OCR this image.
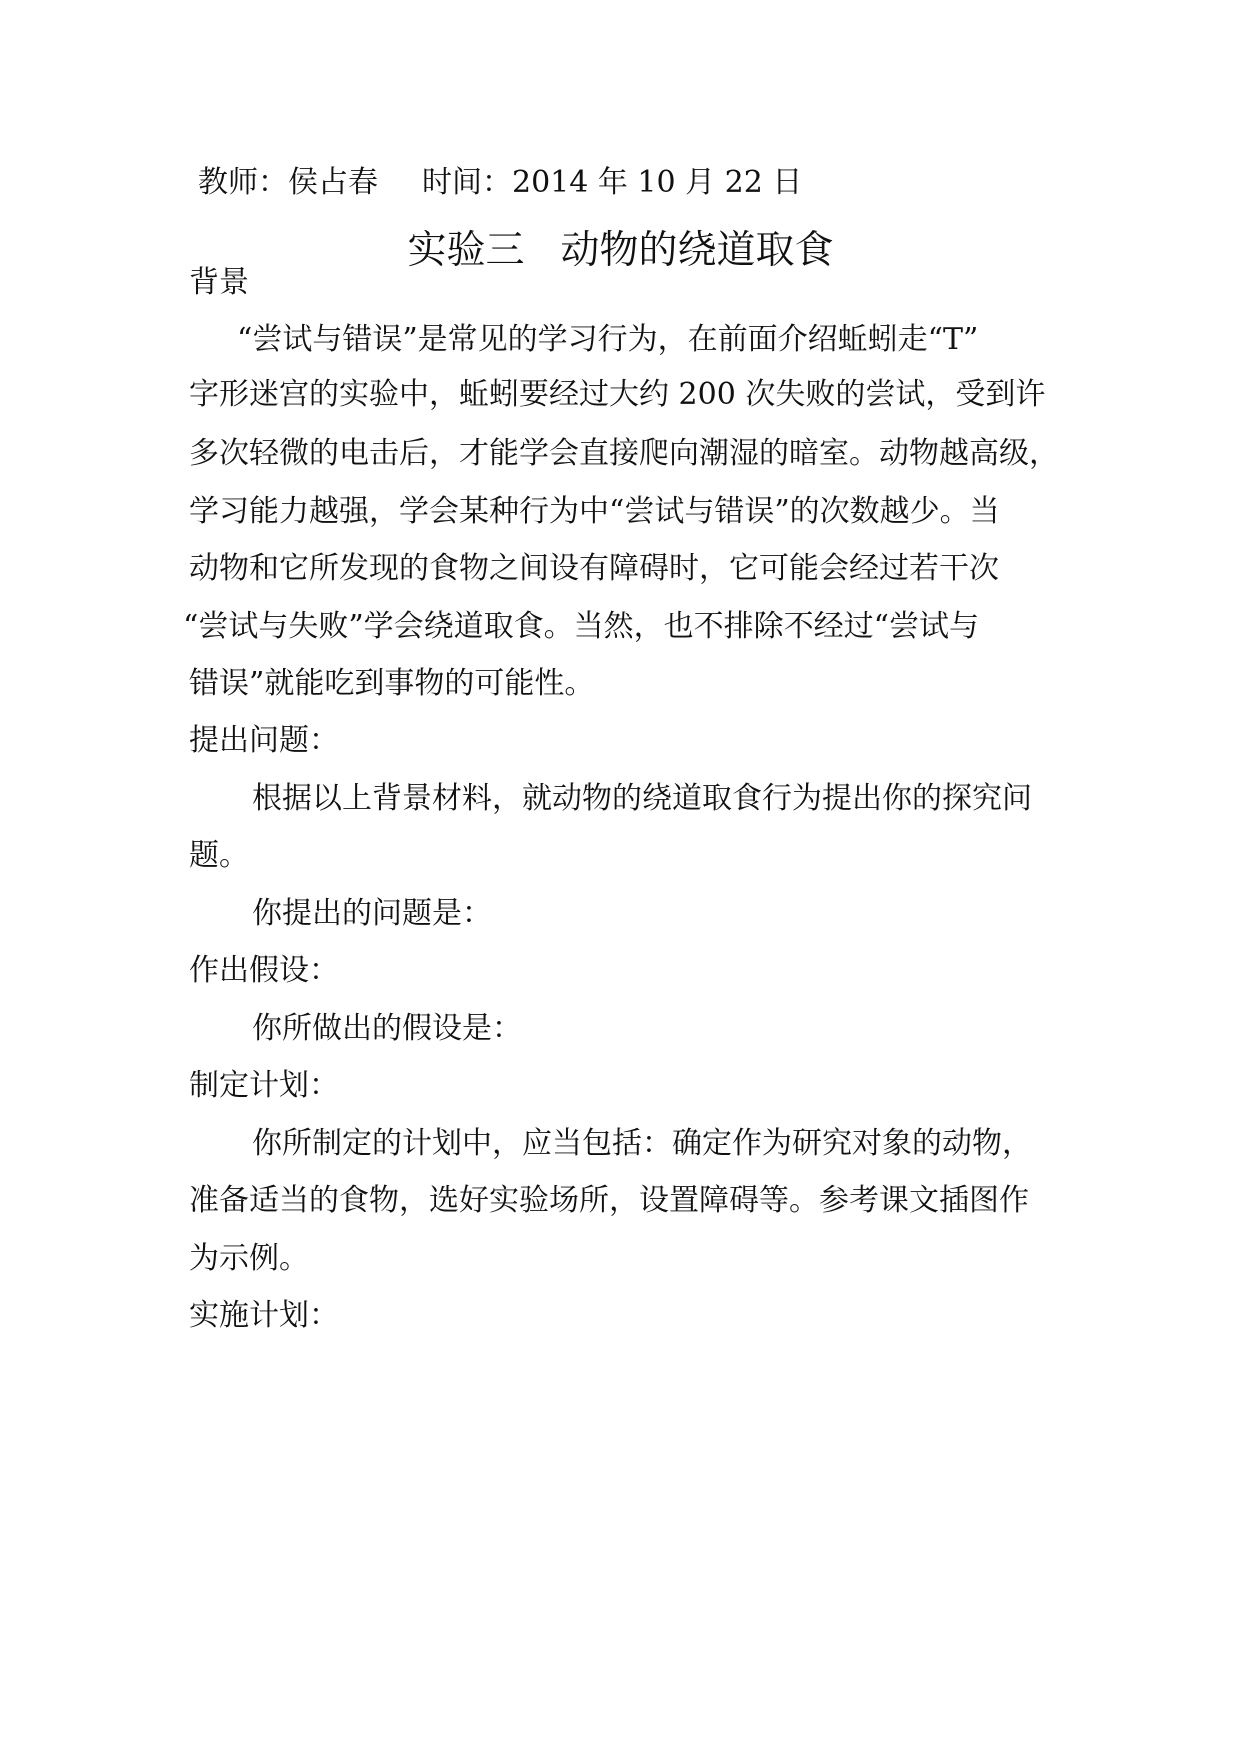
教师：侯占春 时间：2014 年 10 月 22 日
实验三 动物的绕道取食
背景
“尝试与错误”是常见的学习行为，在前面介绍蚯蚓走“T”
字形迷宫的实验中，蚯蚓要经过大约 200 次失败的尝试，受到许
多次轻微的电击后，才能学会直接爬向潮湿的暗室。动物越高级，
学习能力越强，学会某种行为中“尝试与错误”的次数越少。当
动物和它所发现的食物之间设有障碍时，它可能会经过若干次
“尝试与失败”学会绕道取食。当然，也不排除不经过“尝试与
错误”就能吃到事物的可能性。
提出问题：
根据以上背景材料，就动物的绕道取食行为提出你的探究问
题。
你提出的问题是：
作出假设：
你所做出的假设是：
制定计划：
你所制定的计划中，应当包括：确定作为研究对象的动物，
准备适当的食物，选好实验场所，设置障碍等。参考课文插图作
为示例。
实施计划：
